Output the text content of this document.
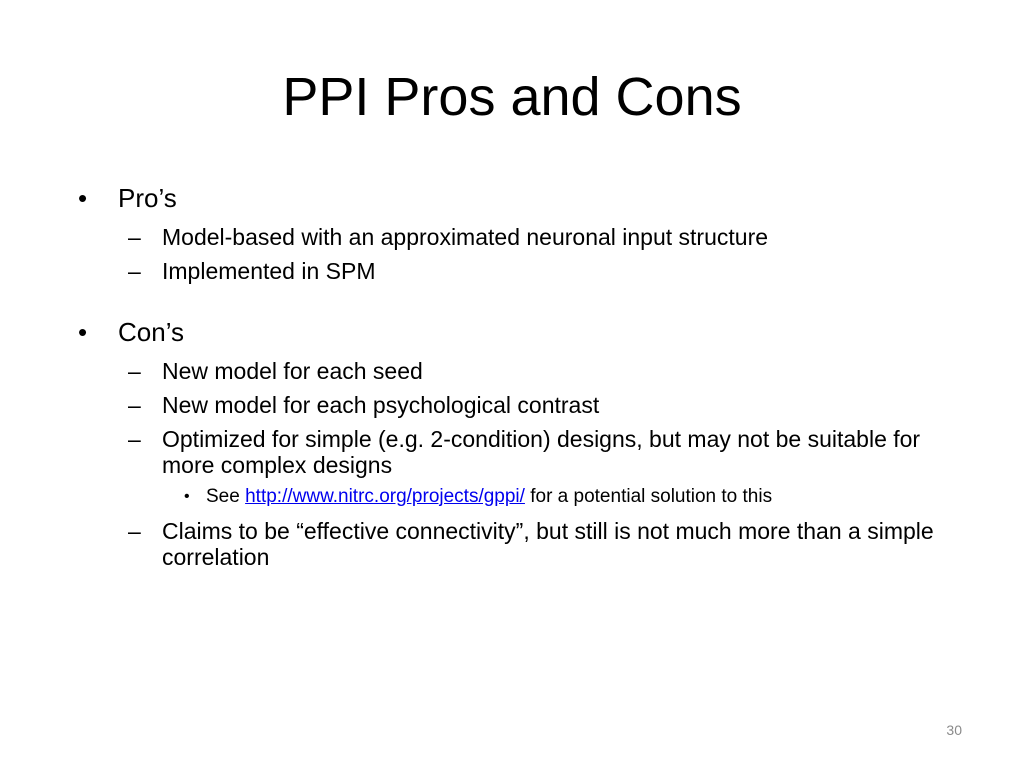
PPI Pros and Cons
• Pro’s
– Model-based with an approximated neuronal input structure
– Implemented in SPM
• Con’s
– New model for each seed
– New model for each psychological contrast
– Optimized for simple (e.g. 2-condition) designs, but may not be suitable for more complex designs
• See http://www.nitrc.org/projects/gppi/ for a potential solution to this
– Claims to be “effective connectivity”, but still is not much more than a simple correlation
30
